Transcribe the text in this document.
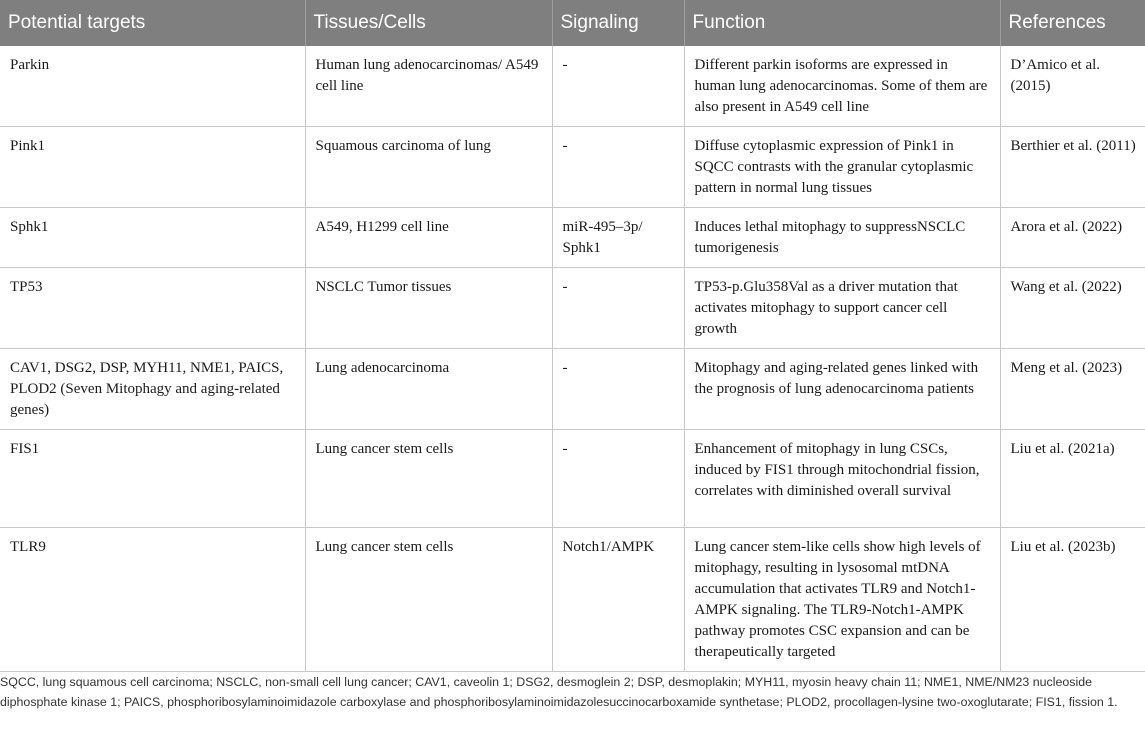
Potential targets	Tissues/Cells	Signaling	Function	References
Parkin	Human lung adenocarcinomas/ A549 cell line	-	Different parkin isoforms are expressed in human lung adenocarcinomas. Some of them are also present in A549 cell line	D’Amico et al. (2015)
Pink1	Squamous carcinoma of lung	-	Diffuse cytoplasmic expression of Pink1 in SQCC contrasts with the granular cytoplasmic pattern in normal lung tissues	Berthier et al. (2011)
Sphk1	A549, H1299 cell line	miR-495–3p/ Sphk1	Induces lethal mitophagy to suppressNSCLC tumorigenesis	Arora et al. (2022)
TP53	NSCLC Tumor tissues	-	TP53-p.Glu358Val as a driver mutation that activates mitophagy to support cancer cell growth	Wang et al. (2022)
CAV1, DSG2, DSP, MYH11, NME1, PAICS, PLOD2 (Seven Mitophagy and aging-related genes)	Lung adenocarcinoma	-	Mitophagy and aging-related genes linked with the prognosis of lung adenocarcinoma patients	Meng et al. (2023)
FIS1	Lung cancer stem cells	-	Enhancement of mitophagy in lung CSCs, induced by FIS1 through mitochondrial fission, correlates with diminished overall survival	Liu et al. (2021a)
TLR9	Lung cancer stem cells	Notch1/AMPK	Lung cancer stem-like cells show high levels of mitophagy, resulting in lysosomal mtDNA accumulation that activates TLR9 and Notch1-AMPK signaling. The TLR9-Notch1-AMPK pathway promotes CSC expansion and can be therapeutically targeted	Liu et al. (2023b)

SQCC, lung squamous cell carcinoma; NSCLC, non-small cell lung cancer; CAV1, caveolin 1; DSG2, desmoglein 2; DSP, desmoplakin; MYH11, myosin heavy chain 11; NME1, NME/NM23 nucleoside diphosphate kinase 1; PAICS, phosphoribosylaminoimidazole carboxylase and phosphoribosylaminoimidazolesuccinocarboxamide synthetase; PLOD2, procollagen-lysine two-oxoglutarate; FIS1, fission 1.
